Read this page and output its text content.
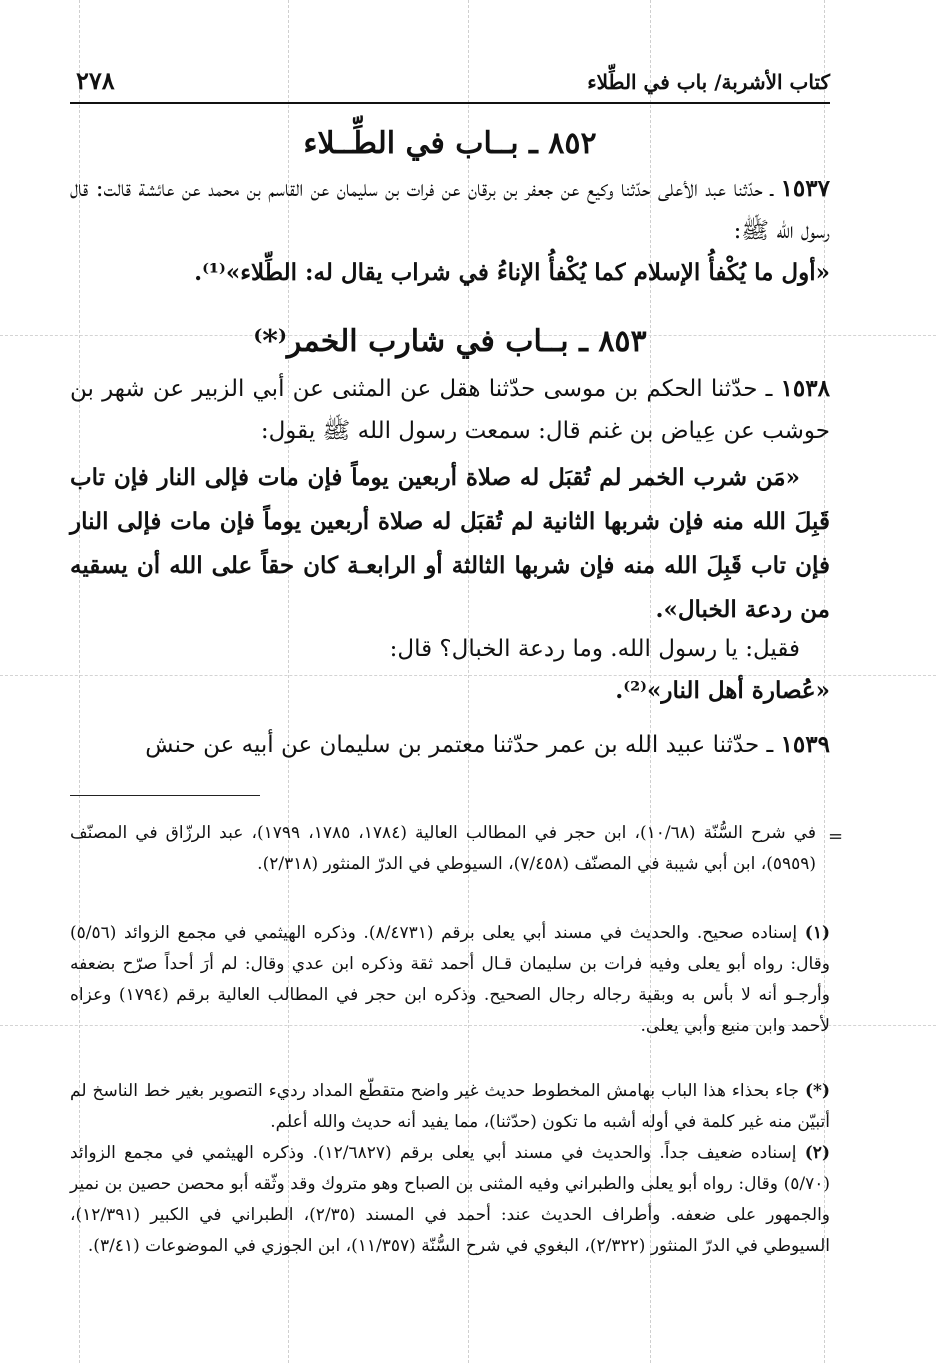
=
كتاب الأشربة/ باب في الطِّلاء
٢٧٨
٨٥٢ ـ بــاب في الطِّــلاء
١٥٣٧ ـ حدّثنا عبد الأعلى حدّثنا وكيع عن جعفر بن برقان عن فرات بن سليمان عن القاسم بن محمد عن عائشة قالت: قال رسول الله ﷺ:
«أول ما يُكْفأُ الإسلام كما يُكْفأُ الإناءُ في شراب يقال له: الطِّلاء»⁽¹⁾.
٨٥٣ ـ بــاب في شارب الخمر⁽*⁾
١٥٣٨ ـ حدّثنا الحكم بن موسى حدّثنا هقل عن المثنى عن أبي الزبير عن شهر بن حوشب عن عِياض بن غنم قال: سمعت رسول الله ﷺ يقول:
«مَن شرب الخمر لم تُقبَل له صلاة أربعين يوماً فإن مات فإلى النار فإن تاب قَبِلَ الله منه فإن شربها الثانية لم تُقبَل له صلاة أربعين يوماً فإن مات فإلى النار فإن تاب قَبِلَ الله منه فإن شربها الثالثة أو الرابعـة كان حقاً على الله أن يسقيه من ردعة الخبال».
فقيل: يا رسول الله. وما ردعة الخبال؟ قال:
«عُصارة أهل النار»⁽²⁾.
١٥٣٩ ـ حدّثنا عبيد الله بن عمر حدّثنا معتمر بن سليمان عن أبيه عن حنش
في شرح السُّنّة (١٠/٦٨)، ابن حجر في المطالب العالية (١٧٨٤، ١٧٨٥، ١٧٩٩)، عبد الرزّاق في المصنّف (٥٩٥٩)، ابن أبي شيبة في المصنّف (٧/٤٥٨)، السيوطي في الدرّ المنثور (٢/٣١٨).
(١) إسناده صحيح. والحديث في مسند أبي يعلى برقم (٨/٤٧٣١). وذكره الهيثمي في مجمع الزوائد (٥/٥٦) وقال: رواه أبو يعلى وفيه فرات بن سليمان قـال أحمد ثقة وذكره ابن عدي وقال: لم أرَ أحداً صرّح بضعفه وأرجـو أنه لا بأس به وبقية رجاله رجال الصحيح. وذكره ابن حجر في المطالب العالية برقم (١٧٩٤) وعزاه لأحمد وابن منيع وأبي يعلى.
(*) جاء بحذاء هذا الباب بهامش المخطوط حديث غير واضح متقطّع المداد رديء التصوير بغير خط الناسخ لم أتبيّن منه غير كلمة في أوله أشبه ما تكون (حدّثنا)، مما يفيد أنه حديث والله أعلم.
(٢) إسناده ضعيف جداً. والحديث في مسند أبي يعلى برقم (١٢/٦٨٢٧). وذكره الهيثمي في مجمع الزوائد (٥/٧٠) وقال: رواه أبو يعلى والطبراني وفيه المثنى بن الصباح وهو متروك وقد وثّقه أبو محصن حصين بن نمير والجمهور على ضعفه. وأطراف الحديث عند: أحمد في المسند (٢/٣٥)، الطبراني في الكبير (١٢/٣٩١)، السيوطي في الدرّ المنثور (٢/٣٢٢)، البغوي في شرح السُّنّة (١١/٣٥٧)، ابن الجوزي في الموضوعات (٣/٤١).
